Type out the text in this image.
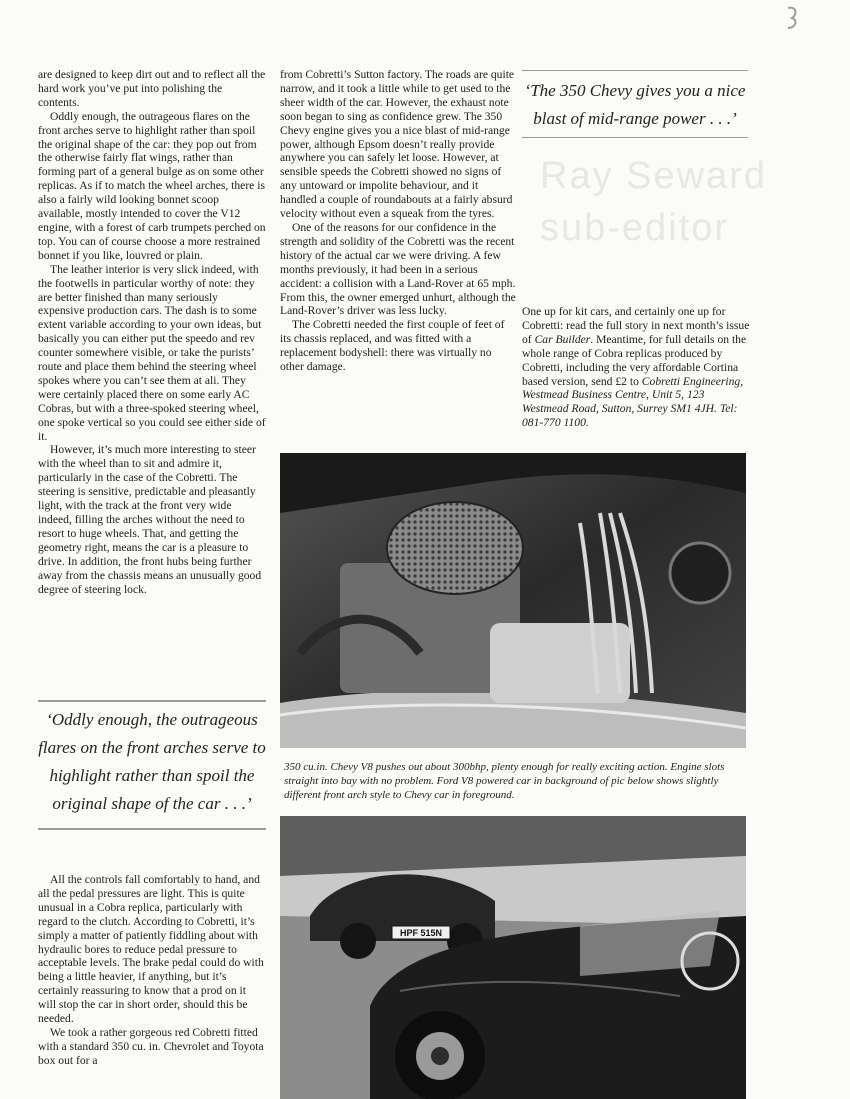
are designed to keep dirt out and to reflect all the hard work you’ve put into polishing the contents.

Oddly enough, the outrageous flares on the front arches serve to highlight rather than spoil the original shape of the car: they pop out from the otherwise fairly flat wings, rather than forming part of a general bulge as on some other replicas. As if to match the wheel arches, there is also a fairly wild looking bonnet scoop available, mostly intended to cover the V12 engine, with a forest of carb trumpets perched on top. You can of course choose a more restrained bonnet if you like, louvred or plain.

The leather interior is very slick indeed, with the footwells in particular worthy of note: they are better finished than many seriously expensive production cars. The dash is to some extent variable according to your own ideas, but basically you can either put the speedo and rev counter somewhere visible, or take the purists’ route and place them behind the steering wheel spokes where you can’t see them at ali. They were certainly placed there on some early AC Cobras, but with a three-spoked steering wheel, one spoke vertical so you could see either side of it.

However, it’s much more interesting to steer with the wheel than to sit and admire it, particularly in the case of the Cobretti. The steering is sensitive, predictable and pleasantly light, with the track at the front very wide indeed, filling the arches without the need to resort to huge wheels. That, and getting the geometry right, means the car is a pleasure to drive. In addition, the front hubs being further away from the chassis means an unusually good degree of steering lock.

‘Oddly enough, the outrageous flares on the front arches serve to highlight rather than spoil the original shape of the car . . .’

All the controls fall comfortably to hand, and all the pedal pressures are light. This is quite unusual in a Cobra replica, particularly with regard to the clutch. According to Cobretti, it’s simply a matter of patiently fiddling about with hydraulic bores to reduce pedal pressure to acceptable levels. The brake pedal could do with being a little heavier, if anything, but it’s certainly reassuring to know that a prod on it will stop the car in short order, should this be needed.

We took a rather gorgeous red Cobretti fitted with a standard 350 cu. in. Chevrolet and Toyota box out for a

from Cobretti’s Sutton factory. The roads are quite narrow, and it took a little while to get used to the sheer width of the car. However, the exhaust note soon began to sing as confidence grew. The 350 Chevy engine gives you a nice blast of mid-range power, although Epsom doesn’t really provide anywhere you can safely let loose. However, at sensible speeds the Cobretti showed no signs of any untoward or impolite behaviour, and it handled a couple of roundabouts at a fairly absurd velocity without even a squeak from the tyres.

One of the reasons for our confidence in the strength and solidity of the Cobretti was the recent history of the actual car we were driving. A few months previously, it had been in a serious accident: a collision with a Land-Rover at 65 mph. From this, the owner emerged unhurt, although the Land-Rover’s driver was less lucky.

The Cobretti needed the first couple of feet of its chassis replaced, and was fitted with a replacement bodyshell: there was virtually no other damage.

Ray Seward
sub-editor
‘The 350 Chevy gives you a nice blast of mid-range power . . .’

One up for kit cars, and certainly one up for Cobretti: read the full story in next month’s issue of Car Builder. Meantime, for full details on the whole range of Cobra replicas produced by Cobretti, including the very affordable Cortina based version, send £2 to Cobretti Engineering, Westmead Business Centre, Unit 5, 123 Westmead Road, Sutton, Surrey SM1 4JH. Tel: 081-770 1100.

350 cu.in. Chevy V8 pushes out about 300bhp, plenty enough for really exciting action. Engine slots straight into bay with no problem. Ford V8 powered car in background of pic below shows slightly different front arch style to Chevy car in foreground.
HPF 515N
